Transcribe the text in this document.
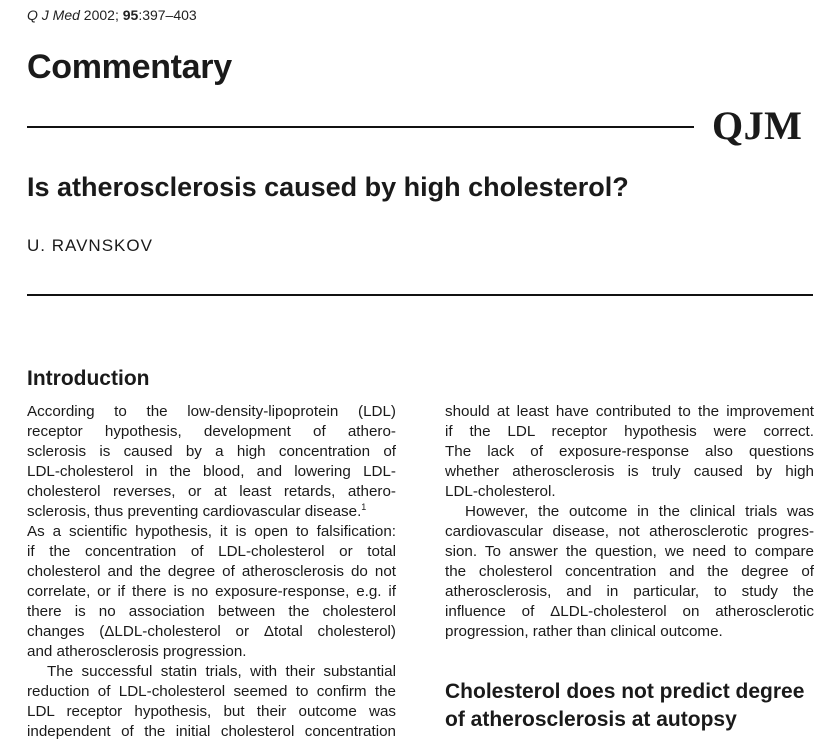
Q J Med 2002; 95:397–403
Commentary
QJM
Is atherosclerosis caused by high cholesterol?
U. RAVNSKOV
Introduction

According to the low-density-lipoprotein (LDL)

receptor hypothesis, development of athero-

sclerosis is caused by a high concentration of

LDL-cholesterol in the blood, and lowering LDL-

cholesterol reverses, or at least retards, athero-

sclerosis, thus preventing cardiovascular disease.$^1$

As a scientific hypothesis, it is open to falsification:

if the concentration of LDL-cholesterol or total

cholesterol and the degree of atherosclerosis do not

correlate, or if there is no exposure-response, e.g. if

there is no association between the cholesterol

changes (ΔLDL-cholesterol or Δtotal cholesterol)

and atherosclerosis progression.

The successful statin trials, with their substantial

reduction of LDL-cholesterol seemed to confirm the

LDL receptor hypothesis, but their outcome was

independent of the initial cholesterol concentration

should at least have contributed to the improvement

if the LDL receptor hypothesis were correct.

The lack of exposure-response also questions

whether atherosclerosis is truly caused by high

LDL-cholesterol.

However, the outcome in the clinical trials was

cardiovascular disease, not atherosclerotic progres-

sion. To answer the question, we need to compare

the cholesterol concentration and the degree of

atherosclerosis, and in particular, to study the

influence of ΔLDL-cholesterol on atherosclerotic

progression, rather than clinical outcome.

Cholesterol does not predict degree
of atherosclerosis at autopsy
